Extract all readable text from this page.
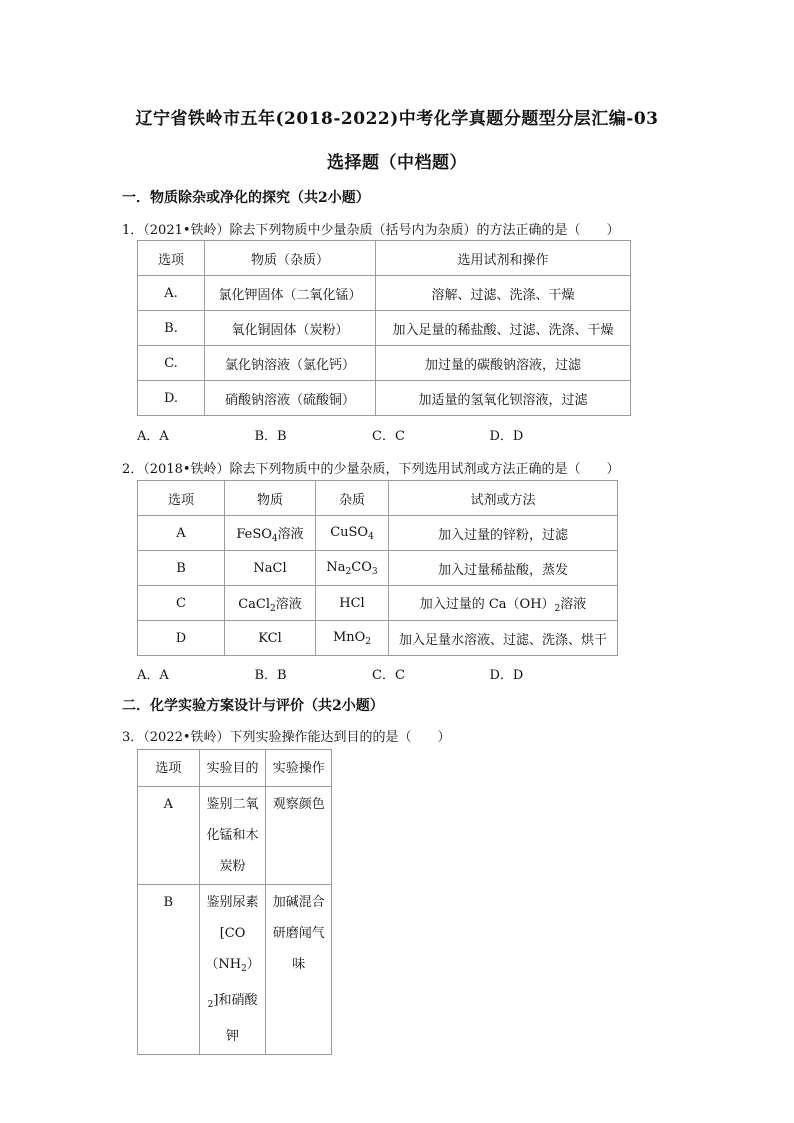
辽宁省铁岭市五年(2018-2022)中考化学真题分题型分层汇编-03
选择题（中档题）
一．物质除杂或净化的探究（共2小题）
1．（2021•铁岭）除去下列物质中少量杂质（括号内为杂质）的方法正确的是（　　）
选项	物质（杂质）	选用试剂和操作
A.	氯化钾固体（二氧化锰）	溶解、过滤、洗涤、干燥
B.	氧化铜固体（炭粉）	加入足量的稀盐酸、过滤、洗涤、干燥
C.	氯化钠溶液（氯化钙）	加过量的碳酸钠溶液，过滤
D.	硝酸钠溶液（硫酸铜）	加适量的氢氧化钡溶液，过滤
A．A	B．B	C．C	D．D
2．（2018•铁岭）除去下列物质中的少量杂质，下列选用试剂或方法正确的是（　　）
选项	物质	杂质	试剂或方法
A	FeSO$_4$溶液	CuSO$_4$	加入过量的锌粉，过滤
B	NaCl	$Na_2CO_3$	加入过量稀盐酸，蒸发
C	CaCl$_2$溶液	HCl	加入过量的 $Ca(OH)_2$溶液
D	KCl	MnO$_2$	加入足量水溶液、过滤、洗涤、烘干
A．A	B．B	C．C	D．D
二．化学实验方案设计与评价（共2小题）
3．（2022•铁岭）下列实验操作能达到目的的是（　　）
选项	实验目的	实验操作
A	鉴别二氧化锰和木炭粉	观察颜色
B	鉴别尿素$[CO(NH_2)_2]$和硝酸钾	加碱混合研磨闻气味
